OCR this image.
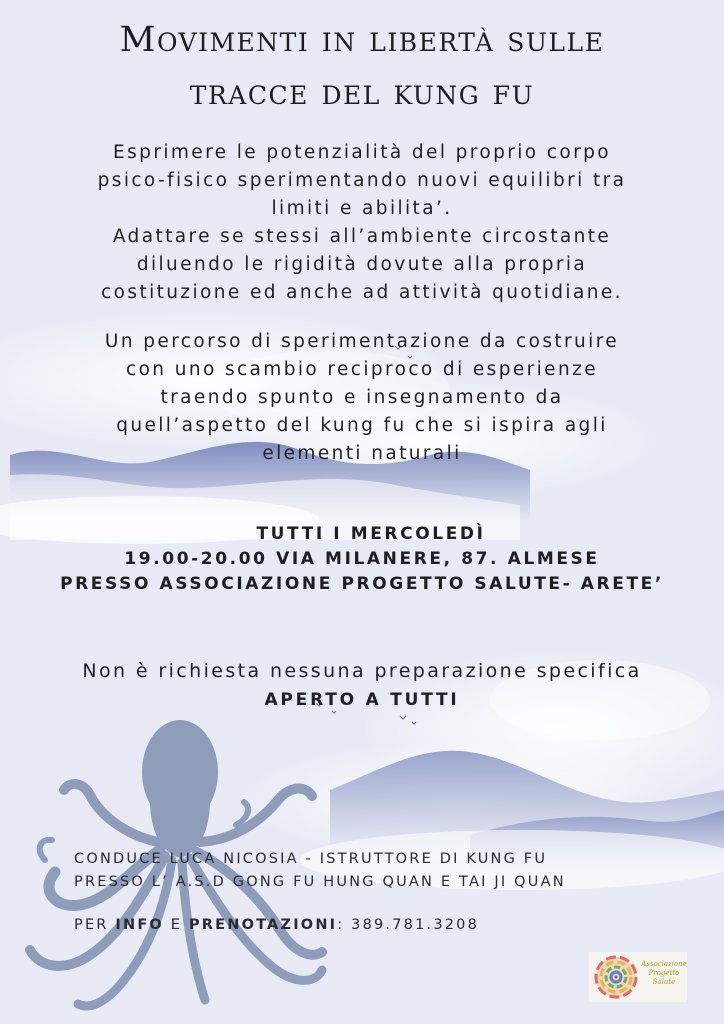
Movimenti in libertà sulle
tracce del kung fu
Esprimere le potenzialità del proprio corpo
psico-fisico sperimentando nuovi equilibri tra
limiti e abilita’.
Adattare se stessi all’ambiente circostante
diluendo le rigidità dovute alla propria
costituzione ed anche ad attività quotidiane.
Un percorso di sperimentazione da costruire
con uno scambio reciproco di esperienze
traendo spunto e insegnamento da
quell’aspetto del kung fu che si ispira agli
elementi naturali
TUTTI I MERCOLEDÌ
19.00-20.00 VIA MILANERE, 87. ALMESE
PRESSO ASSOCIAZIONE PROGETTO SALUTE- ARETE’
Non è richiesta nessuna preparazione specifica
APERTO A TUTTI
CONDUCE LUCA NICOSIA - ISTRUTTORE DI KUNG FU
PRESSO L’ A.S.D GONG FU HUNG QUAN E TAI JI QUAN
PER INFO E PRENOTAZIONI: 389.781.3208
Associazione
Progetto
Salute
